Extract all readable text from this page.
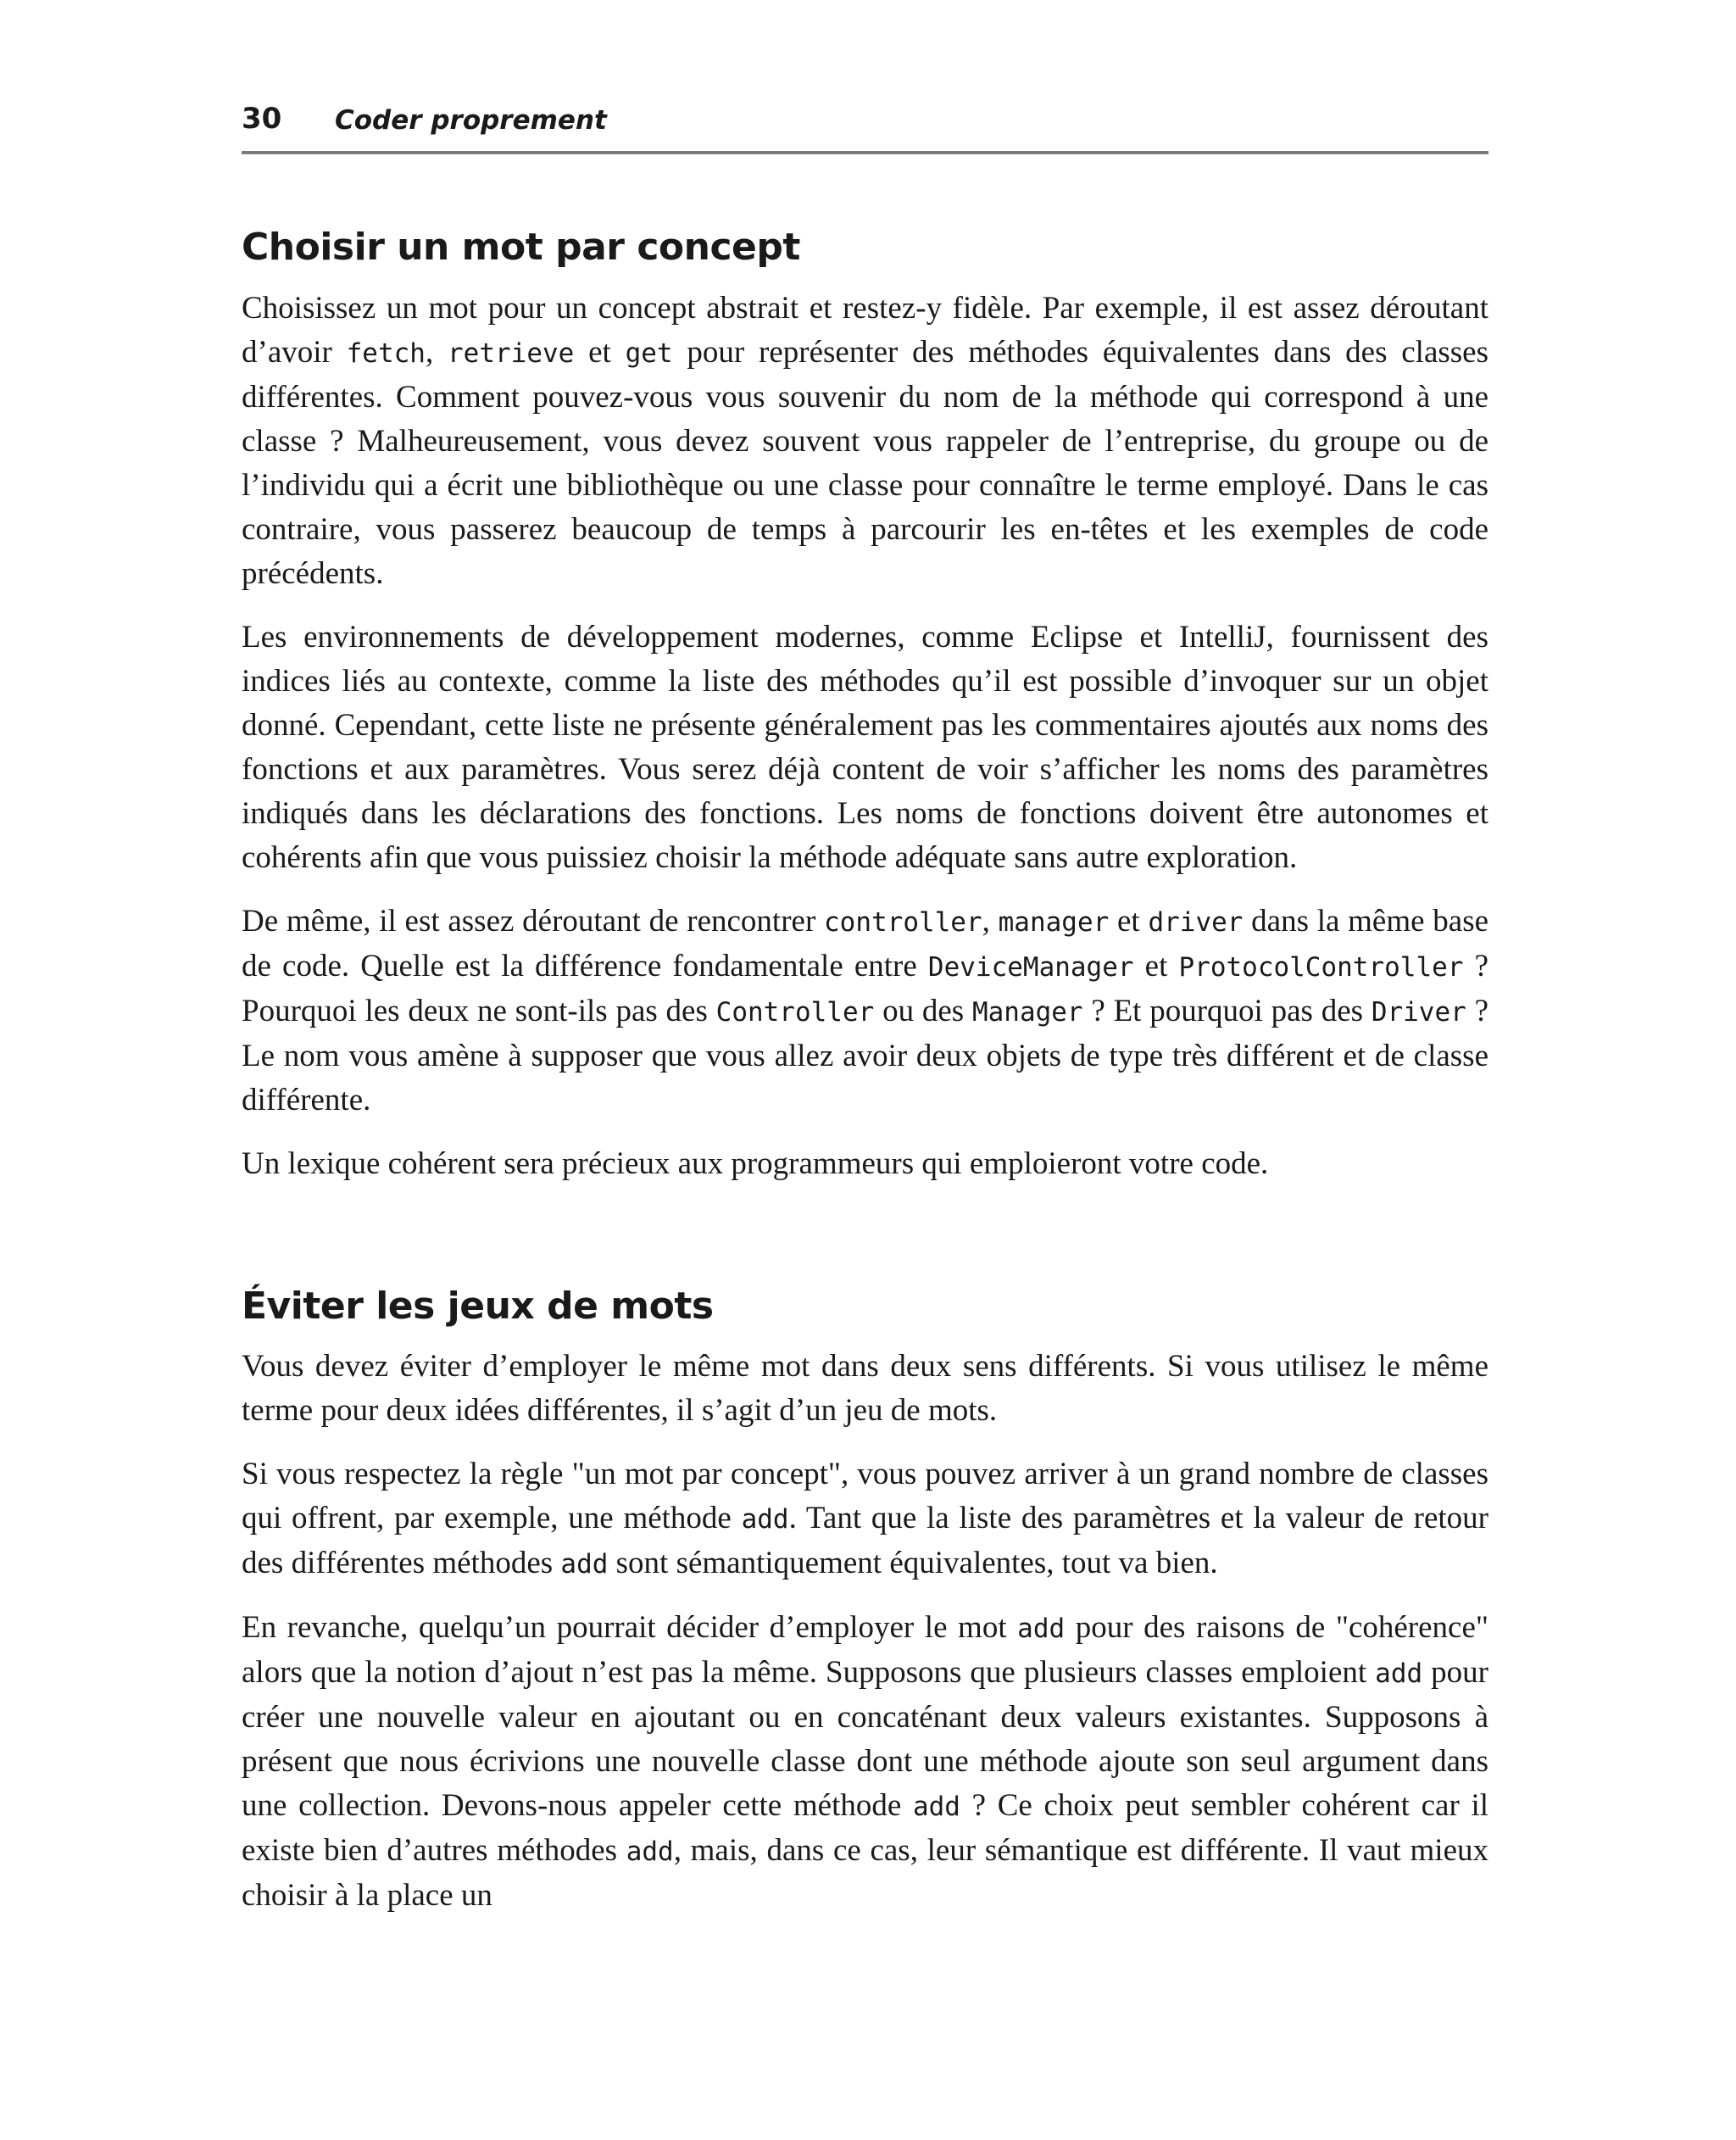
30 Coder proprement
Choisir un mot par concept

Choisissez un mot pour un concept abstrait et restez-y fidèle. Par exemple, il est assez déroutant d’avoir fetch, retrieve et get pour représenter des méthodes équivalentes dans des classes différentes. Comment pouvez-vous vous souvenir du nom de la méthode qui correspond à une classe ? Malheureusement, vous devez souvent vous rappeler de l’entreprise, du groupe ou de l’individu qui a écrit une bibliothèque ou une classe pour connaître le terme employé. Dans le cas contraire, vous passerez beaucoup de temps à parcourir les en-têtes et les exemples de code précédents.

Les environnements de développement modernes, comme Eclipse et IntelliJ, fournissent des indices liés au contexte, comme la liste des méthodes qu’il est possible d’invoquer sur un objet donné. Cependant, cette liste ne présente généralement pas les commentaires ajoutés aux noms des fonctions et aux paramètres. Vous serez déjà content de voir s’afficher les noms des paramètres indiqués dans les déclarations des fonctions. Les noms de fonctions doivent être autonomes et cohérents afin que vous puissiez choisir la méthode adéquate sans autre exploration.

De même, il est assez déroutant de rencontrer controller, manager et driver dans la même base de code. Quelle est la différence fondamentale entre DeviceManager et ProtocolController ? Pourquoi les deux ne sont-ils pas des Controller ou des Manager ? Et pourquoi pas des Driver ? Le nom vous amène à supposer que vous allez avoir deux objets de type très différent et de classe différente.

Un lexique cohérent sera précieux aux programmeurs qui emploieront votre code.

Éviter les jeux de mots

Vous devez éviter d’employer le même mot dans deux sens différents. Si vous utilisez le même terme pour deux idées différentes, il s’agit d’un jeu de mots.

Si vous respectez la règle "un mot par concept", vous pouvez arriver à un grand nombre de classes qui offrent, par exemple, une méthode add. Tant que la liste des paramètres et la valeur de retour des différentes méthodes add sont sémantiquement équivalentes, tout va bien.

En revanche, quelqu’un pourrait décider d’employer le mot add pour des raisons de "cohérence" alors que la notion d’ajout n’est pas la même. Supposons que plusieurs classes emploient add pour créer une nouvelle valeur en ajoutant ou en concaténant deux valeurs existantes. Supposons à présent que nous écrivions une nouvelle classe dont une méthode ajoute son seul argument dans une collection. Devons-nous appeler cette méthode add ? Ce choix peut sembler cohérent car il existe bien d’autres méthodes add, mais, dans ce cas, leur sémantique est différente. Il vaut mieux choisir à la place un
